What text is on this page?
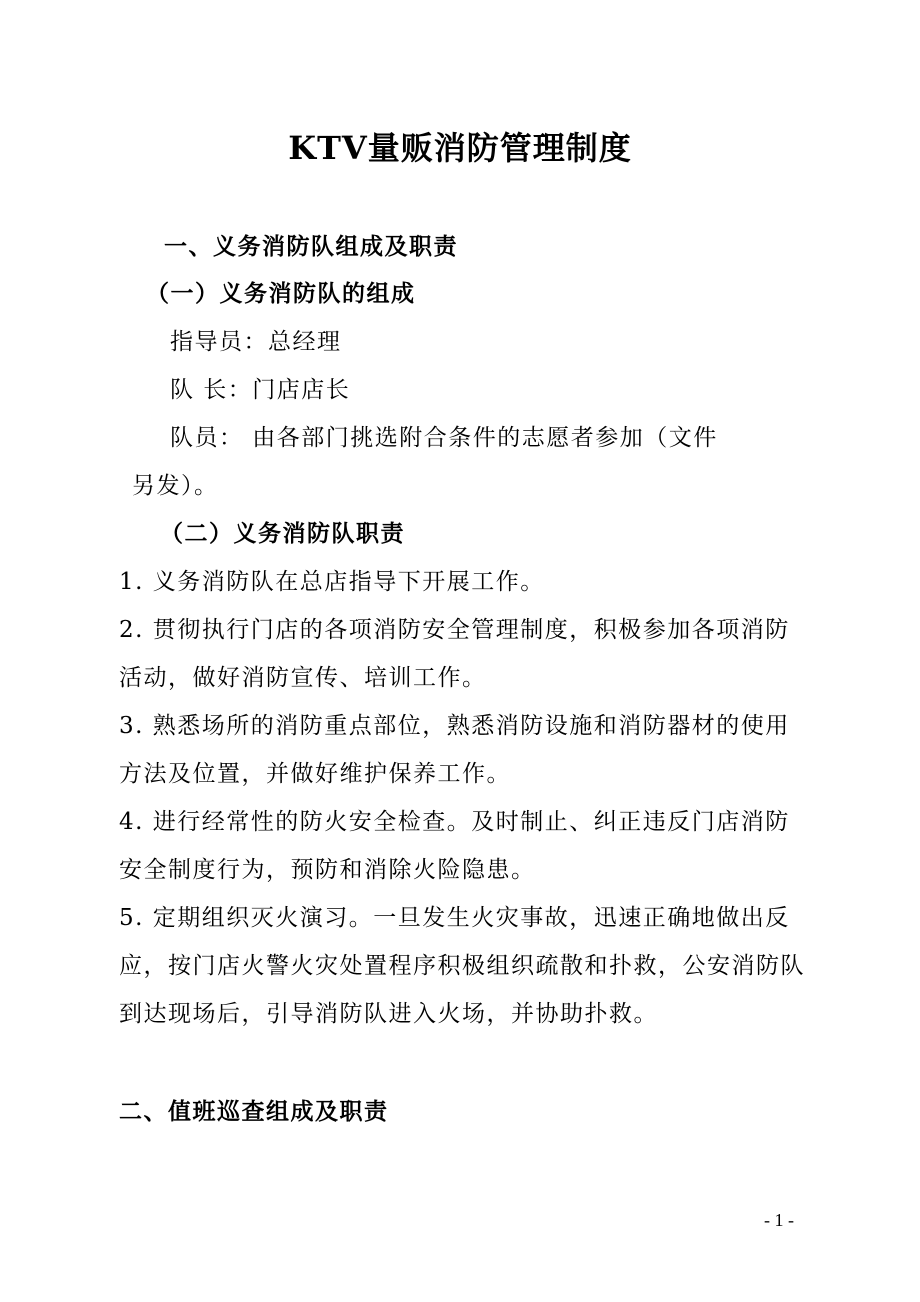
KTV量贩消防管理制度
一、义务消防队组成及职责
（一）义务消防队的组成
指导员：总经理
队 长：门店店长
队员： 由各部门挑选附合条件的志愿者参加（文件
另发）。
（二）义务消防队职责
1. 义务消防队在总店指导下开展工作。
2. 贯彻执行门店的各项消防安全管理制度，积极参加各项消防
活动，做好消防宣传、培训工作。
3. 熟悉场所的消防重点部位，熟悉消防设施和消防器材的使用
方法及位置，并做好维护保养工作。
4. 进行经常性的防火安全检查。及时制止、纠正违反门店消防
安全制度行为，预防和消除火险隐患。
5. 定期组织灭火演习。一旦发生火灾事故，迅速正确地做出反
应，按门店火警火灾处置程序积极组织疏散和扑救，公安消防队
到达现场后，引导消防队进入火场，并协助扑救。
二、值班巡查组成及职责
- 1 -
